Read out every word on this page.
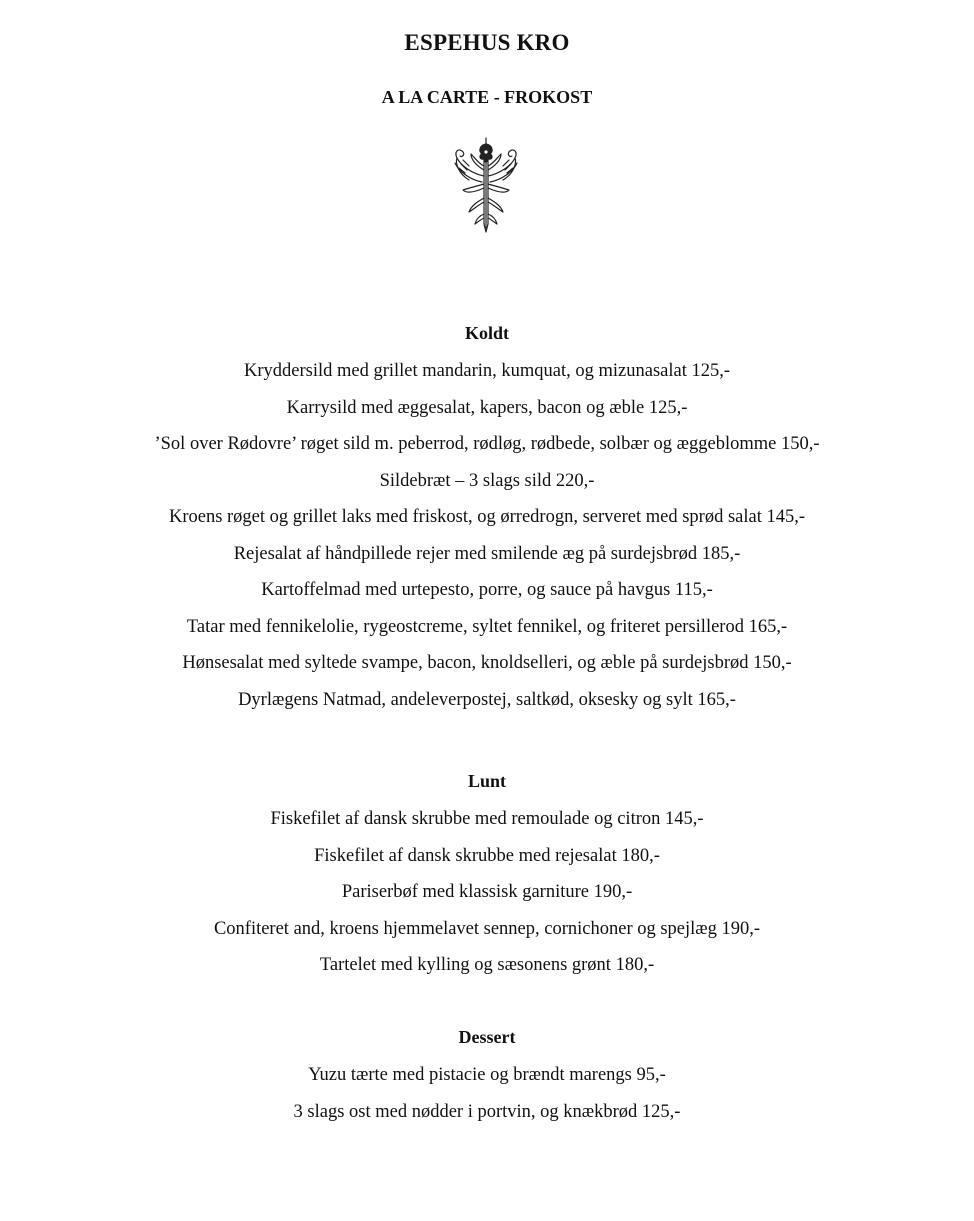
ESPEHUS KRO
A LA CARTE - FROKOST
Koldt
Kryddersild med grillet mandarin, kumquat, og mizunasalat 125,-
Karrysild med æggesalat, kapers, bacon og æble 125,-
’Sol over Rødovre’ røget sild m. peberrod, rødløg, rødbede, solbær og æggeblomme 150,-
Sildebræt – 3 slags sild 220,-
Kroens røget og grillet laks med friskost, og ørredrogn, serveret med sprød salat 145,-
Rejesalat af håndpillede rejer med smilende æg på surdejsbrød 185,-
Kartoffelmad med urtepesto, porre, og sauce på havgus 115,-
Tatar med fennikelolie, rygeostcreme, syltet fennikel, og friteret persillerod 165,-
Hønsesalat med syltede svampe, bacon, knoldselleri, og æble på surdejsbrød 150,-
Dyrlægens Natmad, andeleverpostej, saltkød, oksesky og sylt 165,-
Lunt
Fiskefilet af dansk skrubbe med remoulade og citron 145,-
Fiskefilet af dansk skrubbe med rejesalat 180,-
Pariserbøf med klassisk garniture 190,-
Confiteret and, kroens hjemmelavet sennep, cornichoner og spejlæg 190,-
Tartelet med kylling og sæsonens grønt 180,-
Dessert
Yuzu tærte med pistacie og brændt marengs 95,-
3 slags ost med nødder i portvin, og knækbrød 125,-
